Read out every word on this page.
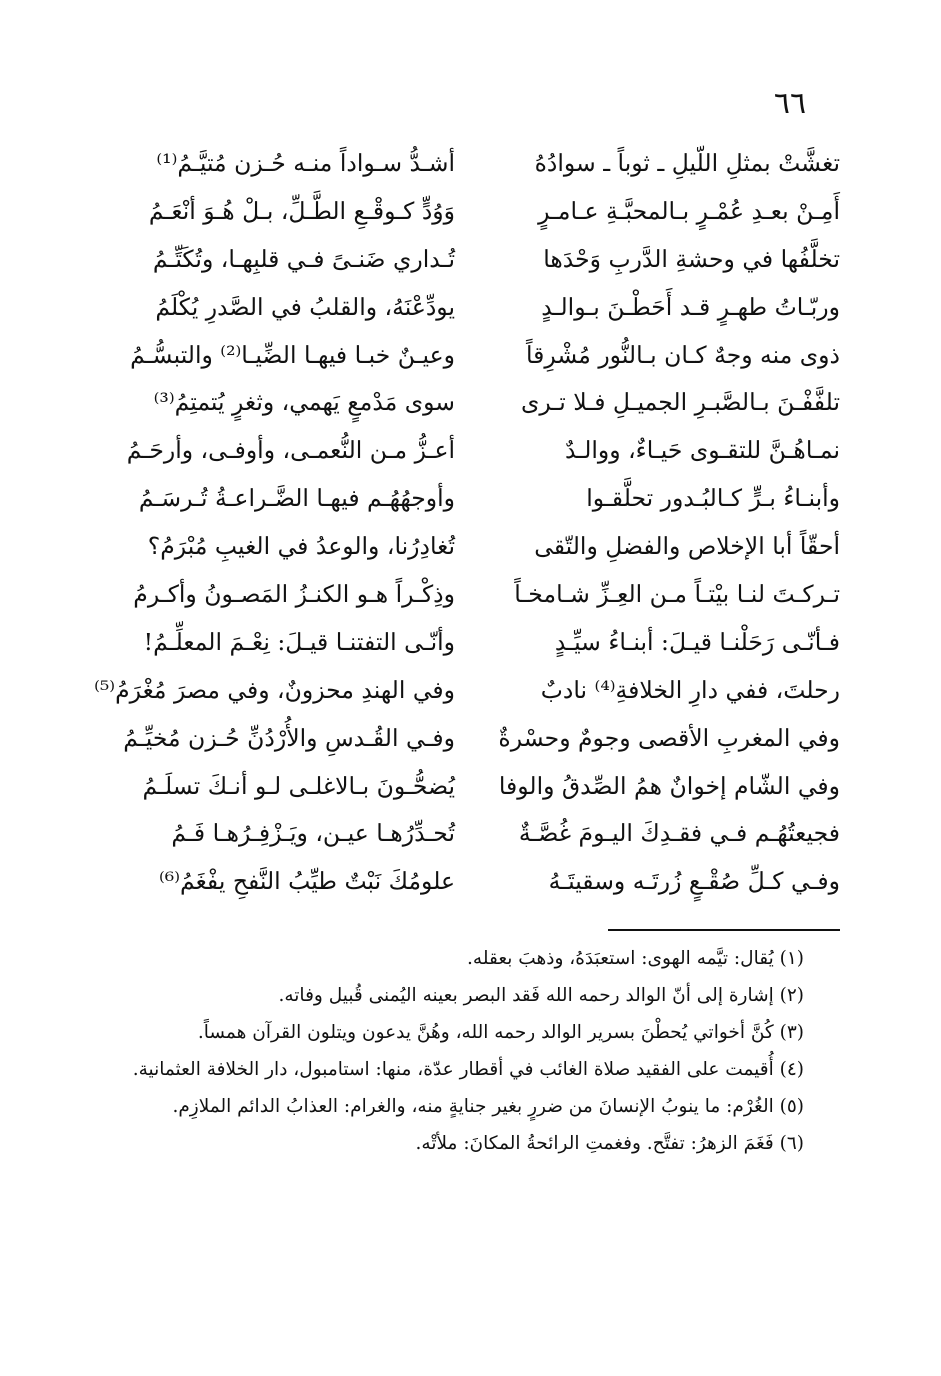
٦٦
تغشَّتْ بمثلِ اللّيلِ ـ ثوباً ـ سوادُهُ
أشـدُّ سـواداً منـه حُـزن مُتيَّـمُ⁽¹⁾
أَمِـنْ بعـدِ عُمْـرٍ بـالمحبَّـةِ عـامـرٍ
وَوُدٍّ كـوقْـعِ الطَّـلِّ، بـلْ هُـوَ أنْعَـمُ
تخلَّفُها في وحشةِ الدَّربِ وَحْدَها
تُـداري ضَنـىً فـي قلبِهـا، وتُكَتِّـمُ
وربّـاتُ طهـرٍ قـد أَحَطْـنَ بـوالـدٍ
يودِّعْنَهُ، والقلبُ في الصَّدرِ يُكْلَمُ
ذوى منه وجهٌ كـان بـالنُّور مُشْرِقاً
وعيـنٌ خبـا فيهـا الضِّيـا⁽²⁾ والتبسُّـمُ
تلفَّفْـنَ بـالصَّبـرِ الجميـلِ فـلا تـرى
سوى مَدْمعٍ يَهمي، وثغرٍ يُتمتِمُ⁽³⁾
نمـاهُـنَّ للتقـوى حَيـاءٌ، ووالـدٌ
أعـزُّ مـن النُّعمـى، وأوفـى، وأرحَـمُ
وأبنـاءُ بـرٍّ كـالبُـدور تحلَّقـوا
وأوجهُهُـم فيهـا الضَّـراعـةُ تُـرسَـمُ
أحقّاً أبا الإخلاص والفضلِ والتّقى
تُغادِرُنا، والوعدُ في الغيبِ مُبْرَمُ؟
تـركـتَ لنـا بيْتـاً مـن العِـزِّ شـامخـاً
وذِكْـراً هـو الكنـزُ المَصـونُ وأكـرمُ
فـأنّـى رَحَلْنـا قيـلَ: أبنـاءُ سيِّـدٍ
وأنّـى التفتنـا قيـلَ: نِعْـمَ المعلِّـمُ!
رحلتَ، ففي دارِ الخلافةِ⁽⁴⁾ نادبٌ
وفي الهندِ محزونٌ، وفي مصرَ مُغْرَمُ⁽⁵⁾
وفي المغربِ الأقصى وجومٌ وحسْرةٌ
وفـي القُـدسِ والأُرْدُنِّ حُـزن مُخيِّـمُ
وفي الشّام إخوانٌ همُ الصِّدقُ والوفا
يُضحُّـونَ بـالاغلـى لـو أنـكَ تسلَـمُ
فجيعتُهُـم فـي فقـدِكَ اليـومَ غُصَّـةٌ
تُحـدِّرُهـا عيـن، ويَـزْفِـرُهـا فَـمُ
وفـي كـلِّ صُقْـعٍ زُرتَـه وسقيتَـهُ
علومُكَ نَبْتٌ طيِّبُ النَّفحِ يفْغَمُ⁽⁶⁾

(١) يُقال: تيَّمه الهوى: استعبَدَهُ، وذهبَ بعقله.

(٢) إشارة إلى أنّ الوالد رحمه الله فَقد البصر بعينه اليُمنى قُبيل وفاته.

(٣) كُنَّ أخواتي يُحطْنَ بسرير الوالد رحمه الله، وهُنَّ يدعون ويتلون القرآن همساً.

(٤) أُقيمت على الفقيد صلاة الغائب في أقطار عدّة، منها: استامبول، دار الخلافة العثمانية.

(٥) الغُرْم: ما ينوبُ الإنسانَ من ضررٍ بغير جنايةٍ منه، والغرام: العذابُ الدائم الملازِم.

(٦) فَغَمَ الزهرُ: تفتَّح. وفغمتِ الرائحةُ المكانَ: ملأتْه.
